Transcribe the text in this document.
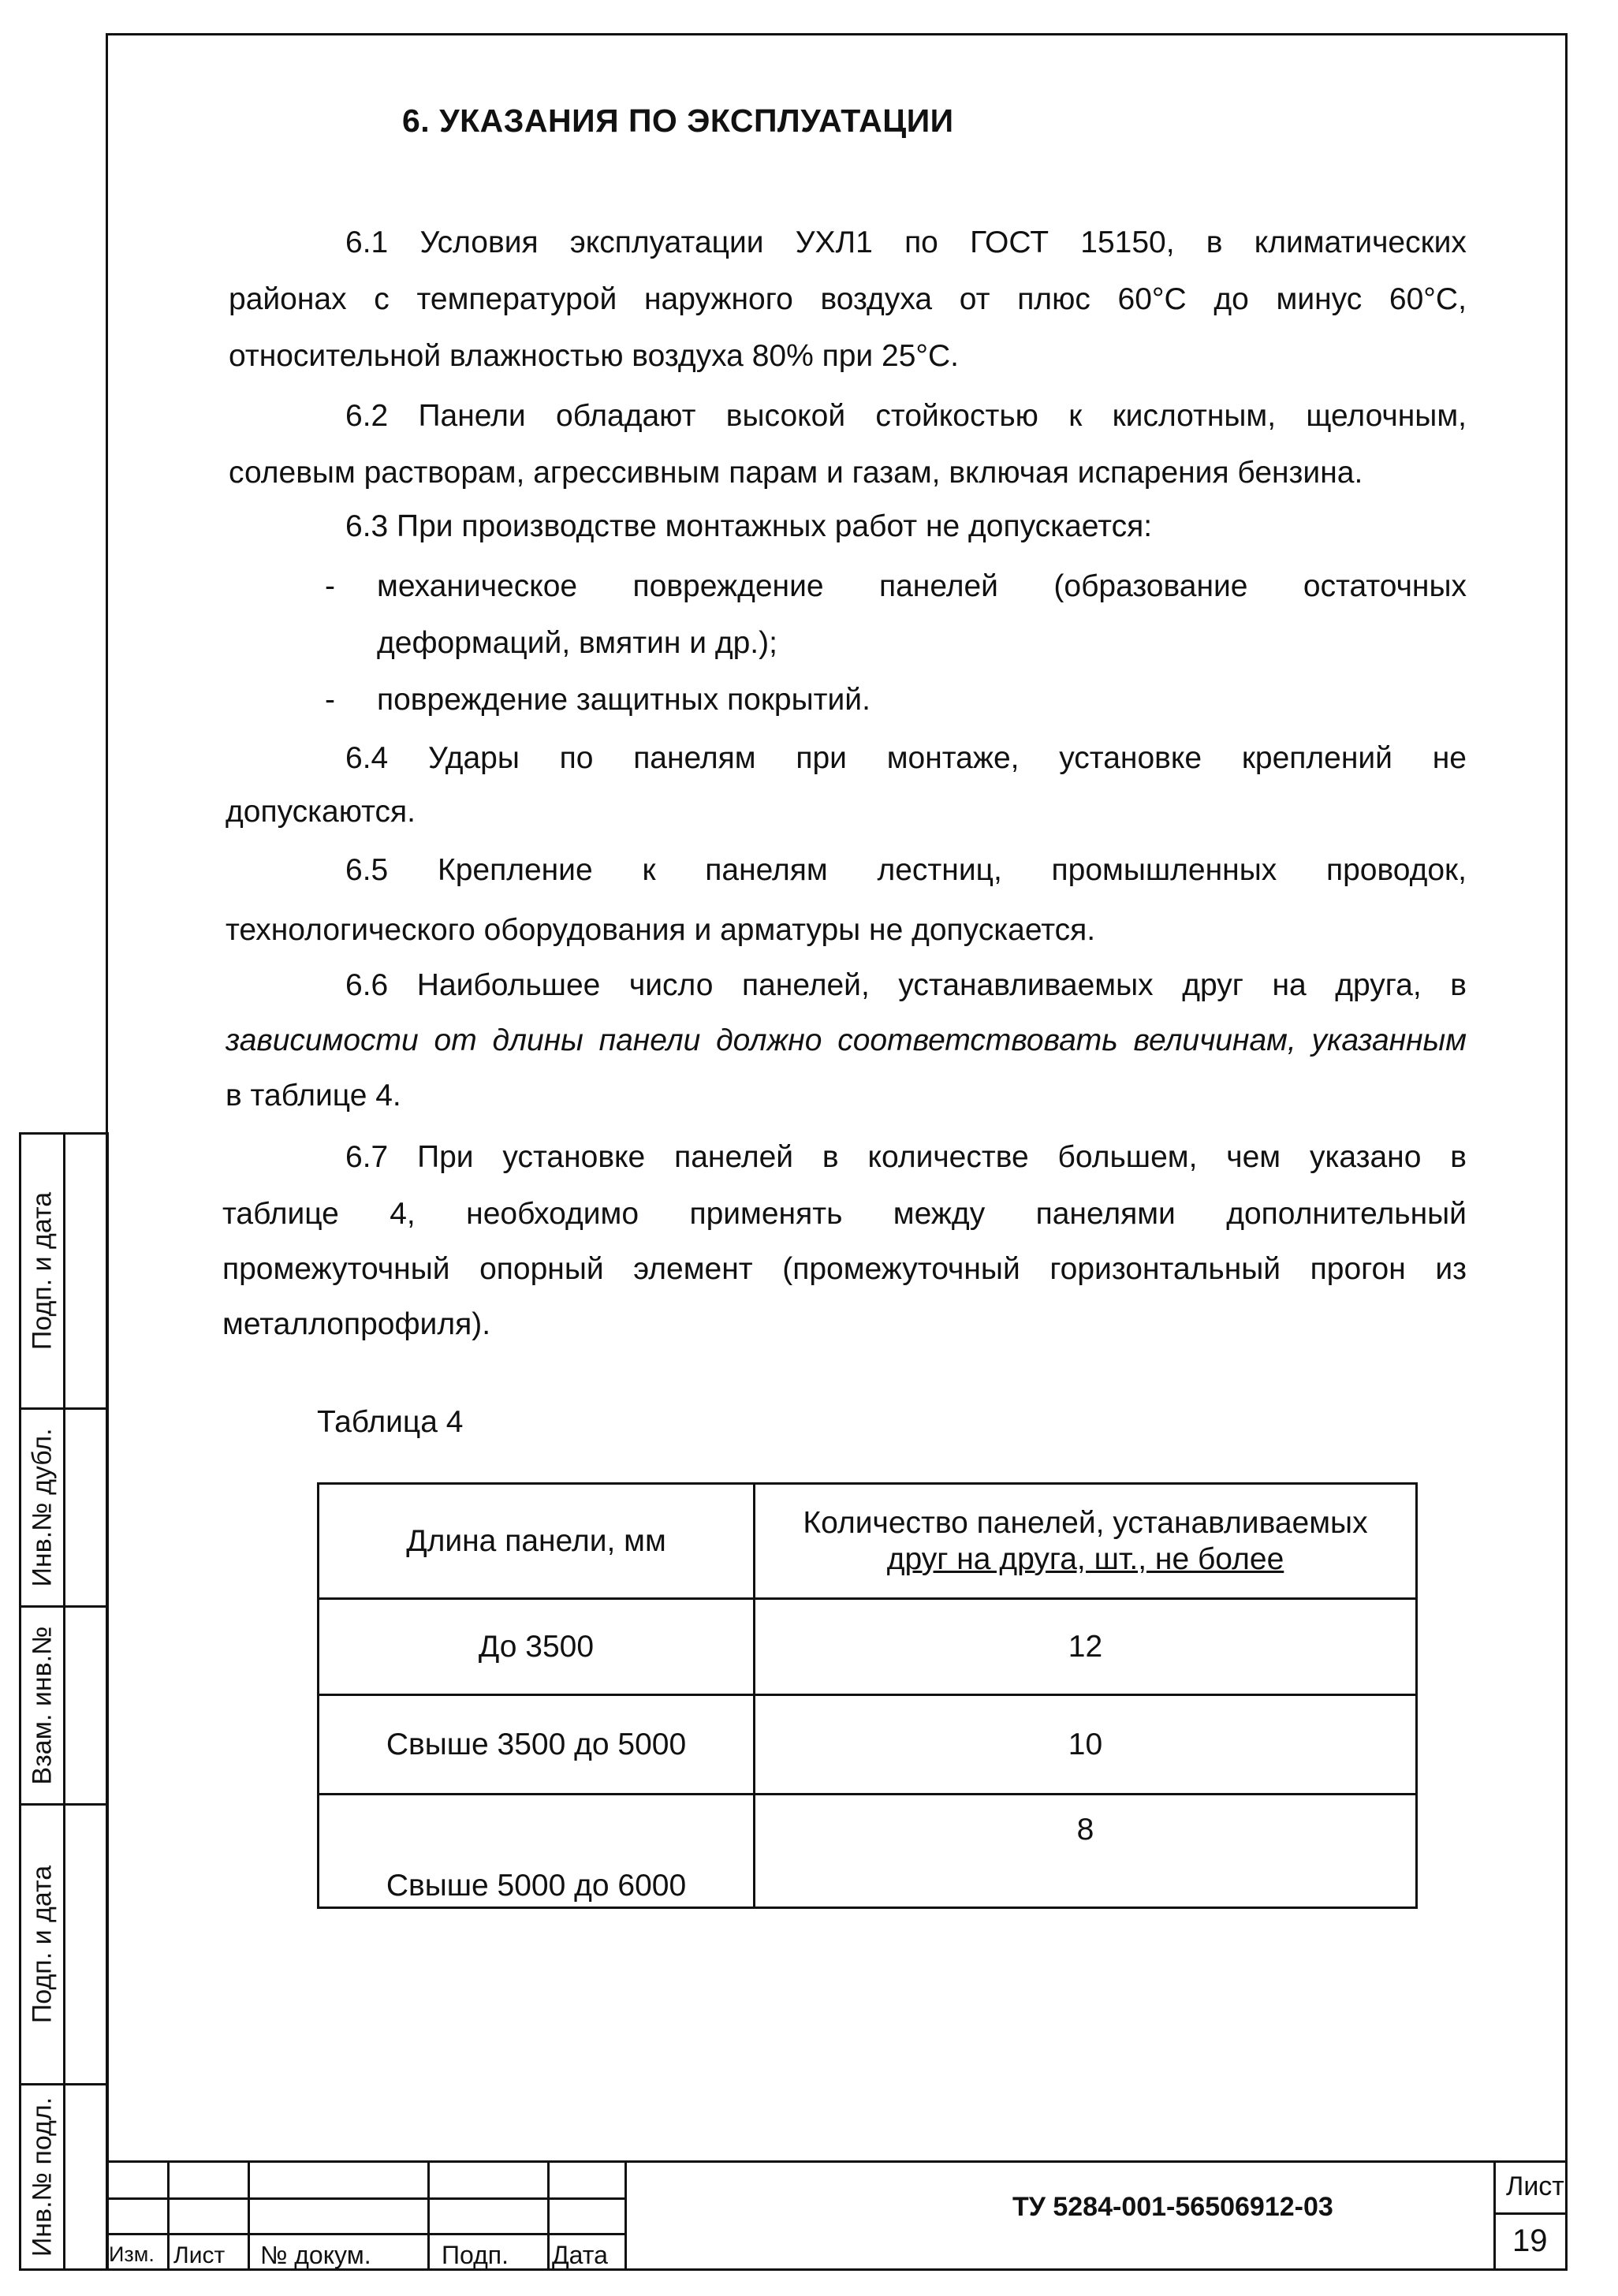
6. УКАЗАНИЯ ПО ЭКСПЛУАТАЦИИ
6.1 Условия эксплуатации УХЛ1 по ГОСТ 15150, в климатических
районах с температурой наружного воздуха от плюс 60°С до минус 60°С,
относительной влажностью воздуха 80% при 25°С.
6.2 Панели обладают высокой стойкостью к кислотным, щелочным,
солевым растворам, агрессивным парам и газам, включая испарения бензина.
6.3 При производстве монтажных работ не допускается:
- механическое повреждение панелей (образование остаточных
деформаций, вмятин и др.);
- повреждение защитных покрытий.
6.4 Удары по панелям при монтаже, установке креплений не
допускаются.
6.5 Крепление к панелям лестниц, промышленных проводок,
технологического оборудования и арматуры не допускается.
6.6 Наибольшее число панелей, устанавливаемых друг на друга, в
зависимости от длины панели должно соответствовать величинам, указанным
в таблице 4.
6.7 При установке панелей в количестве большем, чем указано в
таблице 4, необходимо применять между панелями дополнительный
промежуточный опорный элемент (промежуточный горизонтальный прогон из
металлопрофиля).
Таблица 4
Длина панели, мм	Количество панелей, устанавливаемых
друг на друга, шт., не более

До 3500	12
Свыше 3500 до 5000	10
Свыше 5000 до 6000	8
Подп. и дата
Инв.№ дубл.
Взам. инв.№
Подп. и дата
Инв.№ подл. Изм. Лист № докум.	Подп. Дата
ТУ 5284-001-56506912-03
Лист
19
